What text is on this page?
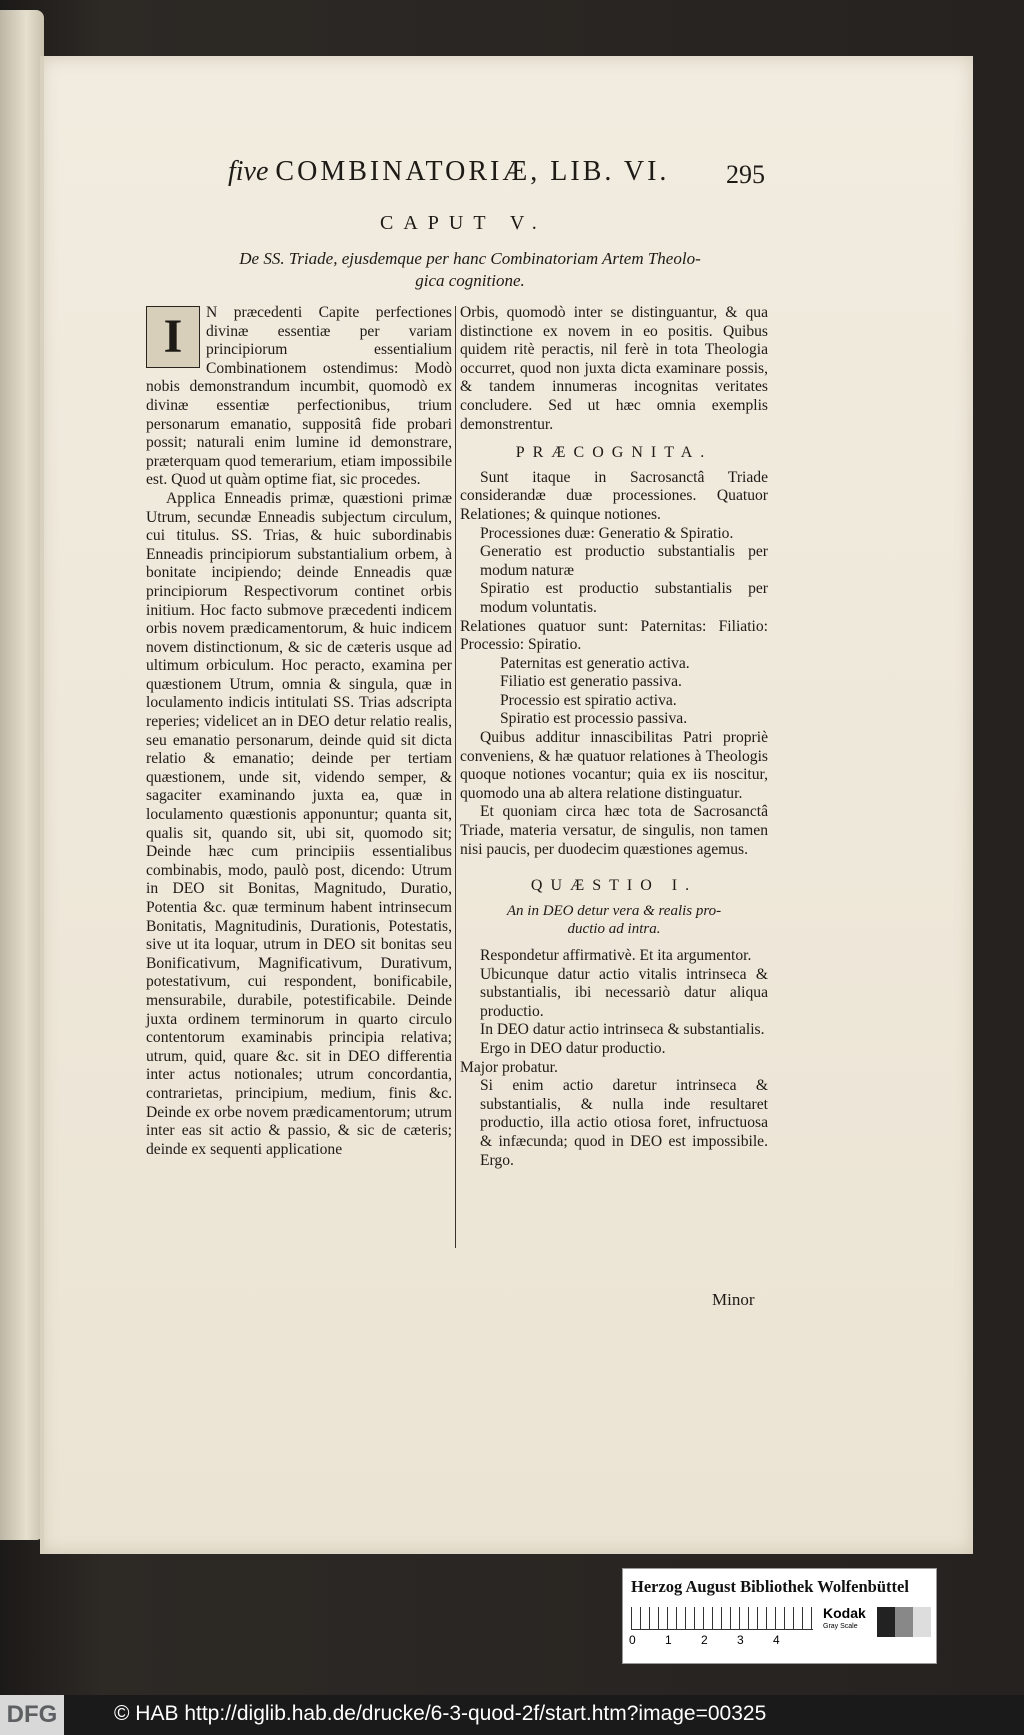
five COMBINATORIÆ, LIB. VI.	295
CAPUT V.
De SS. Triade, ejusdemque per hanc Combinatoriam Artem Theolo-
gica cognitione.
I	N præcedenti Capite perfectiones divinæ essentiæ per variam principiorum essentialium Combinationem ostendimus: Modò nobis demonstrandum incumbit, quomodò ex divinæ essentiæ perfectionibus, trium personarum emanatio, suppositâ fide probari possit; naturali enim lumine id demonstrare, præterquam quod temerarium, etiam impossibile est. Quod ut quàm optime fiat, sic procedes.

Applica Enneadis primæ, quæstioni primæ Utrum, secundæ Enneadis subjectum circulum, cui titulus. SS. Trias, & huic subordinabis Enneadis principiorum substantialium orbem, à bonitate incipiendo; deinde Enneadis quæ principiorum Respectivorum continet orbis initium. Hoc facto submove præcedenti indicem orbis novem prædicamentorum, & huic indicem novem distinctionum, & sic de cæteris usque ad ultimum orbiculum. Hoc peracto, examina per quæstionem Utrum, omnia & singula, quæ in loculamento indicis intitulati SS. Trias adscripta reperies; videlicet an in DEO detur relatio realis, seu emanatio personarum, deinde quid sit dicta relatio & emanatio; deinde per tertiam quæstionem, unde sit, videndo semper, & sagaciter examinando juxta ea, quæ in loculamento quæstionis apponuntur; quanta sit, qualis sit, quando sit, ubi sit, quomodo sit; Deinde hæc cum principiis essentialibus combinabis, modo, paulò post, dicendo: Utrum in DEO sit Bonitas, Magnitudo, Duratio, Potentia &c. quæ terminum habent intrinsecum Bonitatis, Magnitudinis, Durationis, Potestatis, sive ut ita loquar, utrum in DEO sit bonitas seu Bonificativum, Magnificativum, Durativum, potestativum, cui respondent, bonificabile, mensurabile, durabile, potestificabile. Deinde juxta ordinem terminorum in quarto circulo contentorum examinabis principia relativa; utrum, quid, quare &c. sit in DEO differentia inter actus notionales; utrum concordantia, contrarietas, principium, medium, finis &c. Deinde ex orbe novem prædicamentorum; utrum inter eas sit actio & passio, & sic de cæteris; deinde ex sequenti applicatione

Orbis, quomodò inter se distinguantur, & qua distinctione ex novem in eo positis. Quibus quidem ritè peractis, nil ferè in tota Theologia occurret, quod non juxta dicta examinare possis, & tandem innumeras incognitas veritates concludere. Sed ut hæc omnia exemplis demonstrentur.

PRÆCOGNITA.

Sunt itaque in Sacrosanctâ Triade considerandæ duæ processiones. Quatuor Relationes; & quinque notiones.

Processiones duæ: Generatio & Spiratio.

Generatio est productio substantialis per modum naturæ

Spiratio est productio substantialis per modum voluntatis.

Relationes quatuor sunt: Paternitas: Filiatio: Processio: Spiratio.

Paternitas est generatio activa.

Filiatio est generatio passiva.

Processio est spiratio activa.

Spiratio est processio passiva.

Quibus additur innascibilitas Patri propriè conveniens, & hæ quatuor relationes à Theologis quoque notiones vocantur; quia ex iis noscitur, quomodo una ab altera relatione distinguatur.

Et quoniam circa hæc tota de Sacrosanctâ Triade, materia versatur, de singulis, non tamen nisi paucis, per duodecim quæstiones agemus.

QUÆSTIO I.
An in DEO detur vera & realis pro-
ductio ad intra.

Respondetur affirmativè. Et ita argumentor.

Ubicunque datur actio vitalis intrinseca & substantialis, ibi necessariò datur aliqua productio.

In DEO datur actio intrinseca & substantialis.

Ergo in DEO datur productio.

Major probatur.

Si enim actio daretur intrinseca & substantialis, & nulla inde resultaret productio, illa actio otiosa foret, infructuosa & infæcunda; quod in DEO est impossibile. Ergo.

Minor
Herzog August Bibliothek Wolfenbüttel
0 1 2 3 4
Kodak
Gray Scale
DFG	© HAB http://diglib.hab.de/drucke/6-3-quod-2f/start.htm?image=00325
